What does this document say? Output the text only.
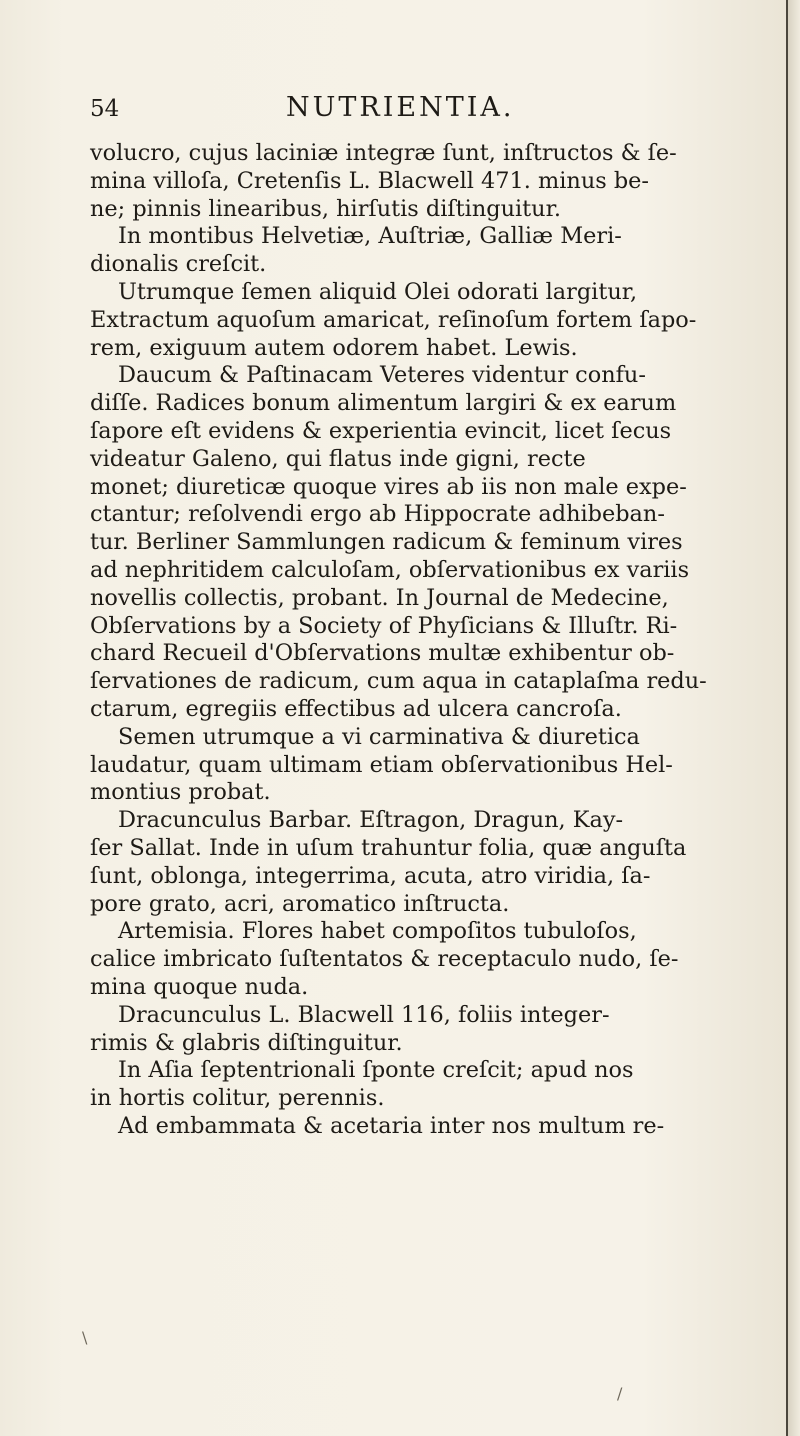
54	NUTRIENTIA.
volucro, cujus laciniæ integræ ſunt, inſtructos & ſe-
mina villoſa, Cretenſis L. Blacwell 471. minus be-
ne; pinnis linearibus, hirſutis diſtinguitur.
In montibus Helvetiæ, Auſtriæ, Galliæ Meri-
dionalis creſcit.
Utrumque ſemen aliquid Olei odorati largitur,
Extractum aquoſum amaricat, reſinoſum fortem ſapo-
rem, exiguum autem odorem habet. Lewis.
Daucum & Paſtinacam Veteres videntur confu-
diſſe. Radices bonum alimentum largiri & ex earum
ſapore eſt evidens & experientia evincit, licet ſecus
videatur Galeno, qui flatus inde gigni, recte
monet; diureticæ quoque vires ab iis non male expe-
ctantur; reſolvendi ergo ab Hippocrate adhibeban-
tur. Berliner Sammlungen radicum & feminum vires
ad nephritidem calculoſam, obſervationibus ex variis
novellis collectis, probant. In Journal de Medecine,
Obſervations by a Society of Phyſicians & Illuſtr. Ri-
chard Recueil d'Obſervations multæ exhibentur ob-
ſervationes de radicum, cum aqua in cataplaſma redu-
ctarum, egregiis effectibus ad ulcera cancroſa.
Semen utrumque a vi carminativa & diuretica
laudatur, quam ultimam etiam obſervationibus Hel-
montius probat.
Dracunculus Barbar. Eſtragon, Dragun, Kay-
ſer Sallat. Inde in uſum trahuntur folia, quæ anguſta
ſunt, oblonga, integerrima, acuta, atro viridia, ſa-
pore grato, acri, aromatico inſtructa.
Artemisia. Flores habet compoſitos tubuloſos,
calice imbricato ſuſtentatos & receptaculo nudo, ſe-
mina quoque nuda.
Dracunculus L. Blacwell 116, foliis integer-
rimis & glabris diſtinguitur.
In Aſia ſeptentrionali ſponte creſcit; apud nos
in hortis colitur, perennis.
Ad embammata & acetaria inter nos multum re-
\
/
